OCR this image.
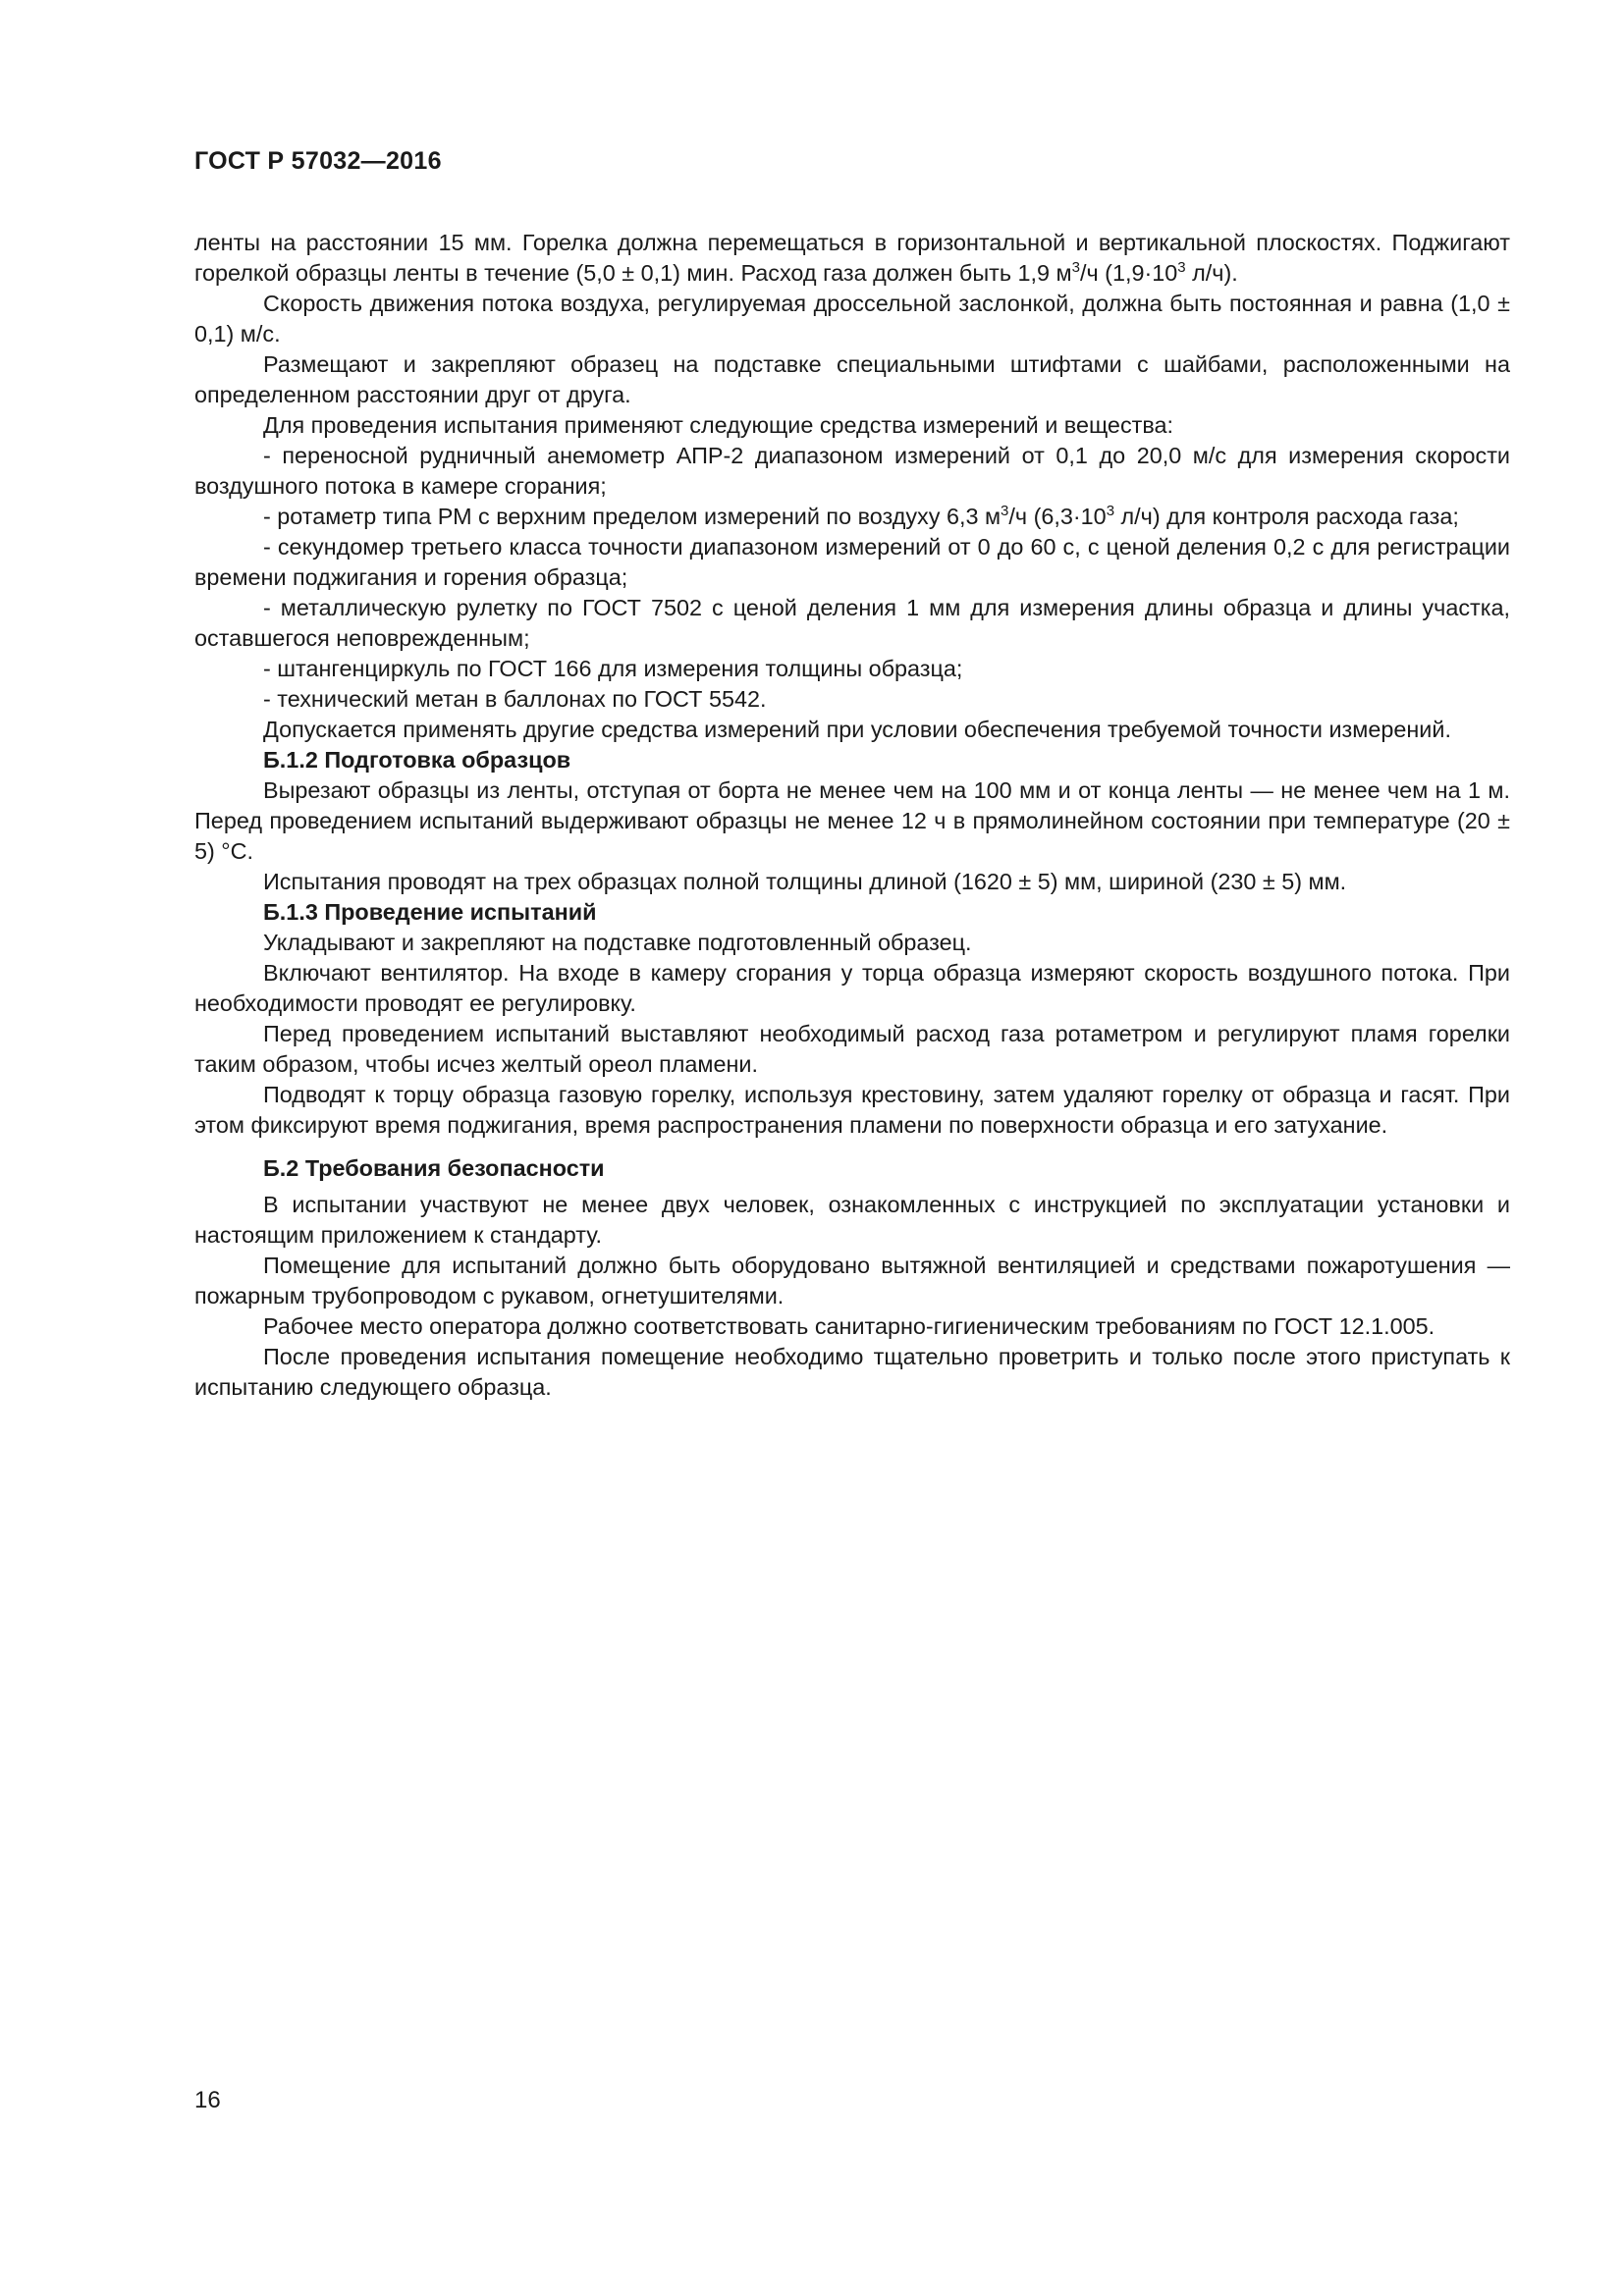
ГОСТ Р 57032—2016

ленты на расстоянии 15 мм. Горелка должна перемещаться в горизонтальной и вертикальной плоскостях. Поджигают горелкой образцы ленты в течение (5,0 ± 0,1) мин. Расход газа должен быть 1,9 $м^3/ч$ ($1,9\cdot 10^3$ л/ч).

Скорость движения потока воздуха, регулируемая дроссельной заслонкой, должна быть постоянная и равна (1,0 ± 0,1) м/с.

Размещают и закрепляют образец на подставке специальными штифтами с шайбами, расположенными на определенном расстоянии друг от друга.

Для проведения испытания применяют следующие средства измерений и вещества:

- переносной рудничный анемометр АПР-2 диапазоном измерений от 0,1 до 20,0 м/с для измерения скорости воздушного потока в камере сгорания;

- ротаметр типа РМ с верхним пределом измерений по воздуху 6,3 $м^3/ч$ ($6,3\cdot 10^3$ л/ч) для контроля расхода газа;

- секундомер третьего класса точности диапазоном измерений от 0 до 60 с, с ценой деления 0,2 с для регистрации времени поджигания и горения образца;

- металлическую рулетку по ГОСТ 7502 с ценой деления 1 мм для измерения длины образца и длины участка, оставшегося неповрежденным;

- штангенциркуль по ГОСТ 166 для измерения толщины образца;

- технический метан в баллонах по ГОСТ 5542.

Допускается применять другие средства измерений при условии обеспечения требуемой точности измерений.

Б.1.2 Подготовка образцов

Вырезают образцы из ленты, отступая от борта не менее чем на 100 мм и от конца ленты — не менее чем на 1 м. Перед проведением испытаний выдерживают образцы не менее 12 ч в прямолинейном состоянии при температуре (20 ± 5) °С.

Испытания проводят на трех образцах полной толщины длиной (1620 ± 5) мм, шириной (230 ± 5) мм.

Б.1.3 Проведение испытаний

Укладывают и закрепляют на подставке подготовленный образец.

Включают вентилятор. На входе в камеру сгорания у торца образца измеряют скорость воздушного потока. При необходимости проводят ее регулировку.

Перед проведением испытаний выставляют необходимый расход газа ротаметром и регулируют пламя горелки таким образом, чтобы исчез желтый ореол пламени.

Подводят к торцу образца газовую горелку, используя крестовину, затем удаляют горелку от образца и гасят. При этом фиксируют время поджигания, время распространения пламени по поверхности образца и его затухание.

Б.2 Требования безопасности

В испытании участвуют не менее двух человек, ознакомленных с инструкцией по эксплуатации установки и настоящим приложением к стандарту.

Помещение для испытаний должно быть оборудовано вытяжной вентиляцией и средствами пожаротушения — пожарным трубопроводом с рукавом, огнетушителями.

Рабочее место оператора должно соответствовать санитарно-гигиеническим требованиям по ГОСТ 12.1.005.

После проведения испытания помещение необходимо тщательно проветрить и только после этого приступать к испытанию следующего образца.

16
